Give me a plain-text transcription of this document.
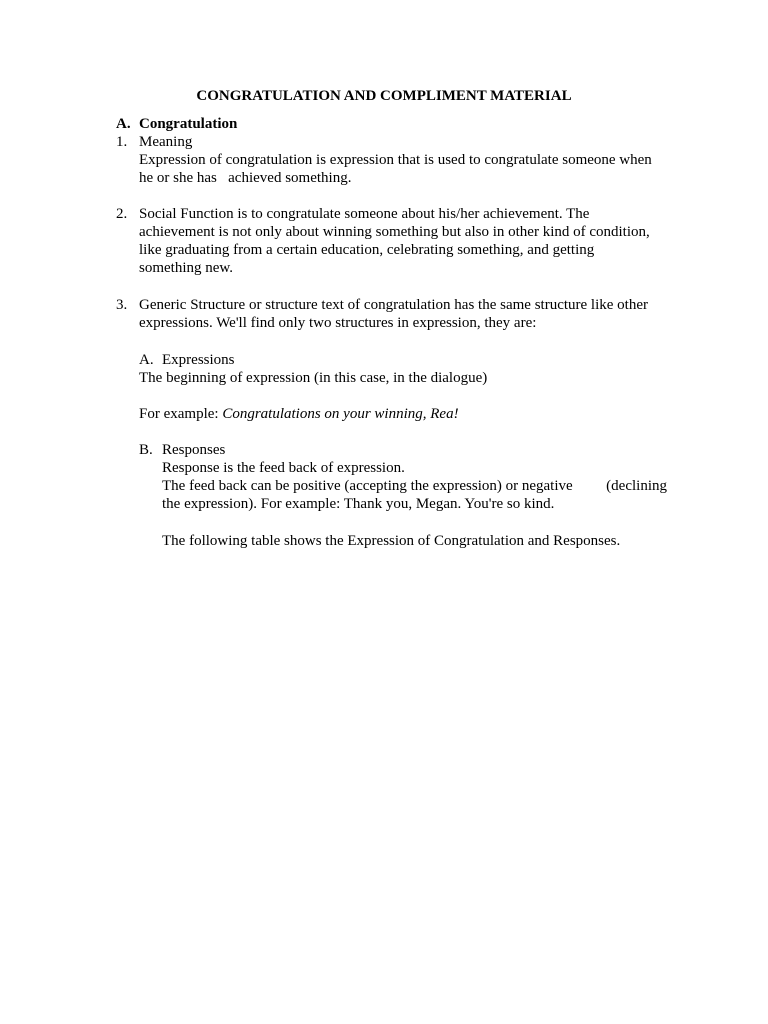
CONGRATULATION AND COMPLIMENT MATERIAL
A. Congratulation
1. Meaning
Expression of congratulation is expression that is used to congratulate someone when
he or she has   achieved something.
2. Social Function is to congratulate someone about his/her achievement. The
achievement is not only about winning something but also in other kind of condition,
like graduating from a certain education, celebrating something, and getting
something new.
3. Generic Structure or structure text of congratulation has the same structure like other
expressions. We'll find only two structures in expression, they are:
A. Expressions
The beginning of expression (in this case, in the dialogue)
For example: Congratulations on your winning, Rea!
B. Responses
Response is the feed back of expression.
The feed back can be positive (accepting the expression) or negative (declining
the expression). For example: Thank you, Megan. You're so kind.
The following table shows the Expression of Congratulation and Responses.
